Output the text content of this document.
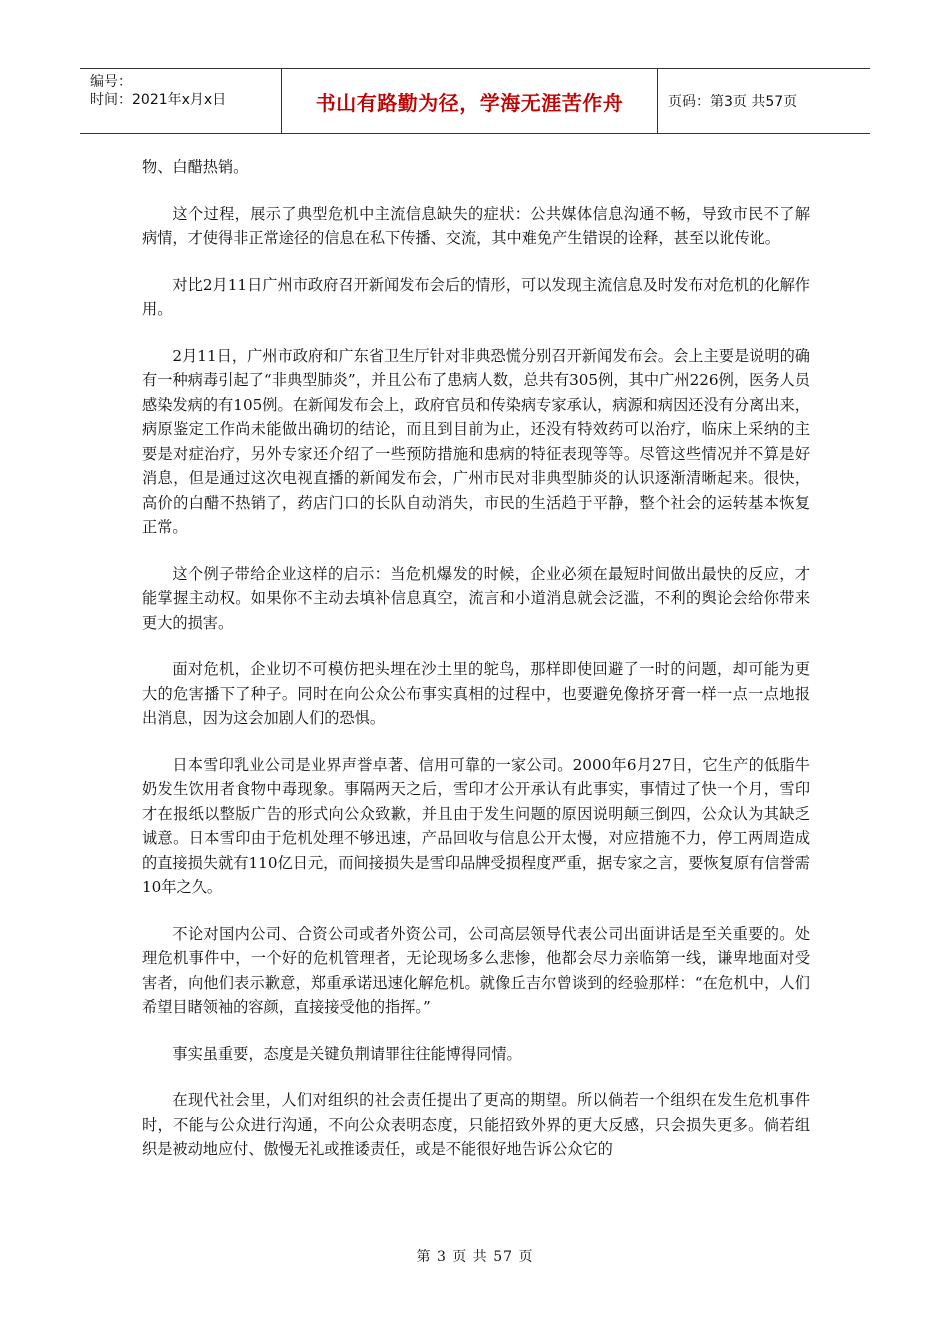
编号：
时间：2021年x月x日	书山有路勤为径，学海无涯苦作舟	页码：第3页 共57页

物、白醋热销。

这个过程，展示了典型危机中主流信息缺失的症状：公共媒体信息沟通不畅，导致市民不了解病情，才使得非正常途径的信息在私下传播、交流，其中难免产生错误的诠释，甚至以讹传讹。

对比2月11日广州市政府召开新闻发布会后的情形，可以发现主流信息及时发布对危机的化解作用。

2月11日，广州市政府和广东省卫生厅针对非典恐慌分别召开新闻发布会。会上主要是说明的确有一种病毒引起了“非典型肺炎”，并且公布了患病人数，总共有305例，其中广州226例，医务人员感染发病的有105例。在新闻发布会上，政府官员和传染病专家承认，病源和病因还没有分离出来，病原鉴定工作尚未能做出确切的结论，而且到目前为止，还没有特效药可以治疗，临床上采纳的主要是对症治疗，另外专家还介绍了一些预防措施和患病的特征表现等等。尽管这些情况并不算是好消息，但是通过这次电视直播的新闻发布会，广州市民对非典型肺炎的认识逐渐清晰起来。很快，高价的白醋不热销了，药店门口的长队自动消失，市民的生活趋于平静，整个社会的运转基本恢复正常。

这个例子带给企业这样的启示：当危机爆发的时候，企业必须在最短时间做出最快的反应，才能掌握主动权。如果你不主动去填补信息真空，流言和小道消息就会泛滥，不利的舆论会给你带来更大的损害。

面对危机，企业切不可模仿把头埋在沙土里的鸵鸟，那样即使回避了一时的问题，却可能为更大的危害播下了种子。同时在向公众公布事实真相的过程中，也要避免像挤牙膏一样一点一点地报出消息，因为这会加剧人们的恐惧。

日本雪印乳业公司是业界声誉卓著、信用可靠的一家公司。2000年6月27日，它生产的低脂牛奶发生饮用者食物中毒现象。事隔两天之后，雪印才公开承认有此事实，事情过了快一个月，雪印才在报纸以整版广告的形式向公众致歉，并且由于发生问题的原因说明颠三倒四，公众认为其缺乏诚意。日本雪印由于危机处理不够迅速，产品回收与信息公开太慢，对应措施不力，停工两周造成的直接损失就有110亿日元，而间接损失是雪印品牌受损程度严重，据专家之言，要恢复原有信誉需10年之久。

不论对国内公司、合资公司或者外资公司，公司高层领导代表公司出面讲话是至关重要的。处理危机事件中，一个好的危机管理者，无论现场多么悲惨，他都会尽力亲临第一线，谦卑地面对受害者，向他们表示歉意，郑重承诺迅速化解危机。就像丘吉尔曾谈到的经验那样：“在危机中，人们希望目睹领袖的容颜，直接接受他的指挥。”

事实虽重要，态度是关键负荆请罪往往能博得同情。

在现代社会里，人们对组织的社会责任提出了更高的期望。所以倘若一个组织在发生危机事件时，不能与公众进行沟通，不向公众表明态度，只能招致外界的更大反感，只会损失更多。倘若组织是被动地应付、傲慢无礼或推诿责任，或是不能很好地告诉公众它的

第 3 页 共 57 页
